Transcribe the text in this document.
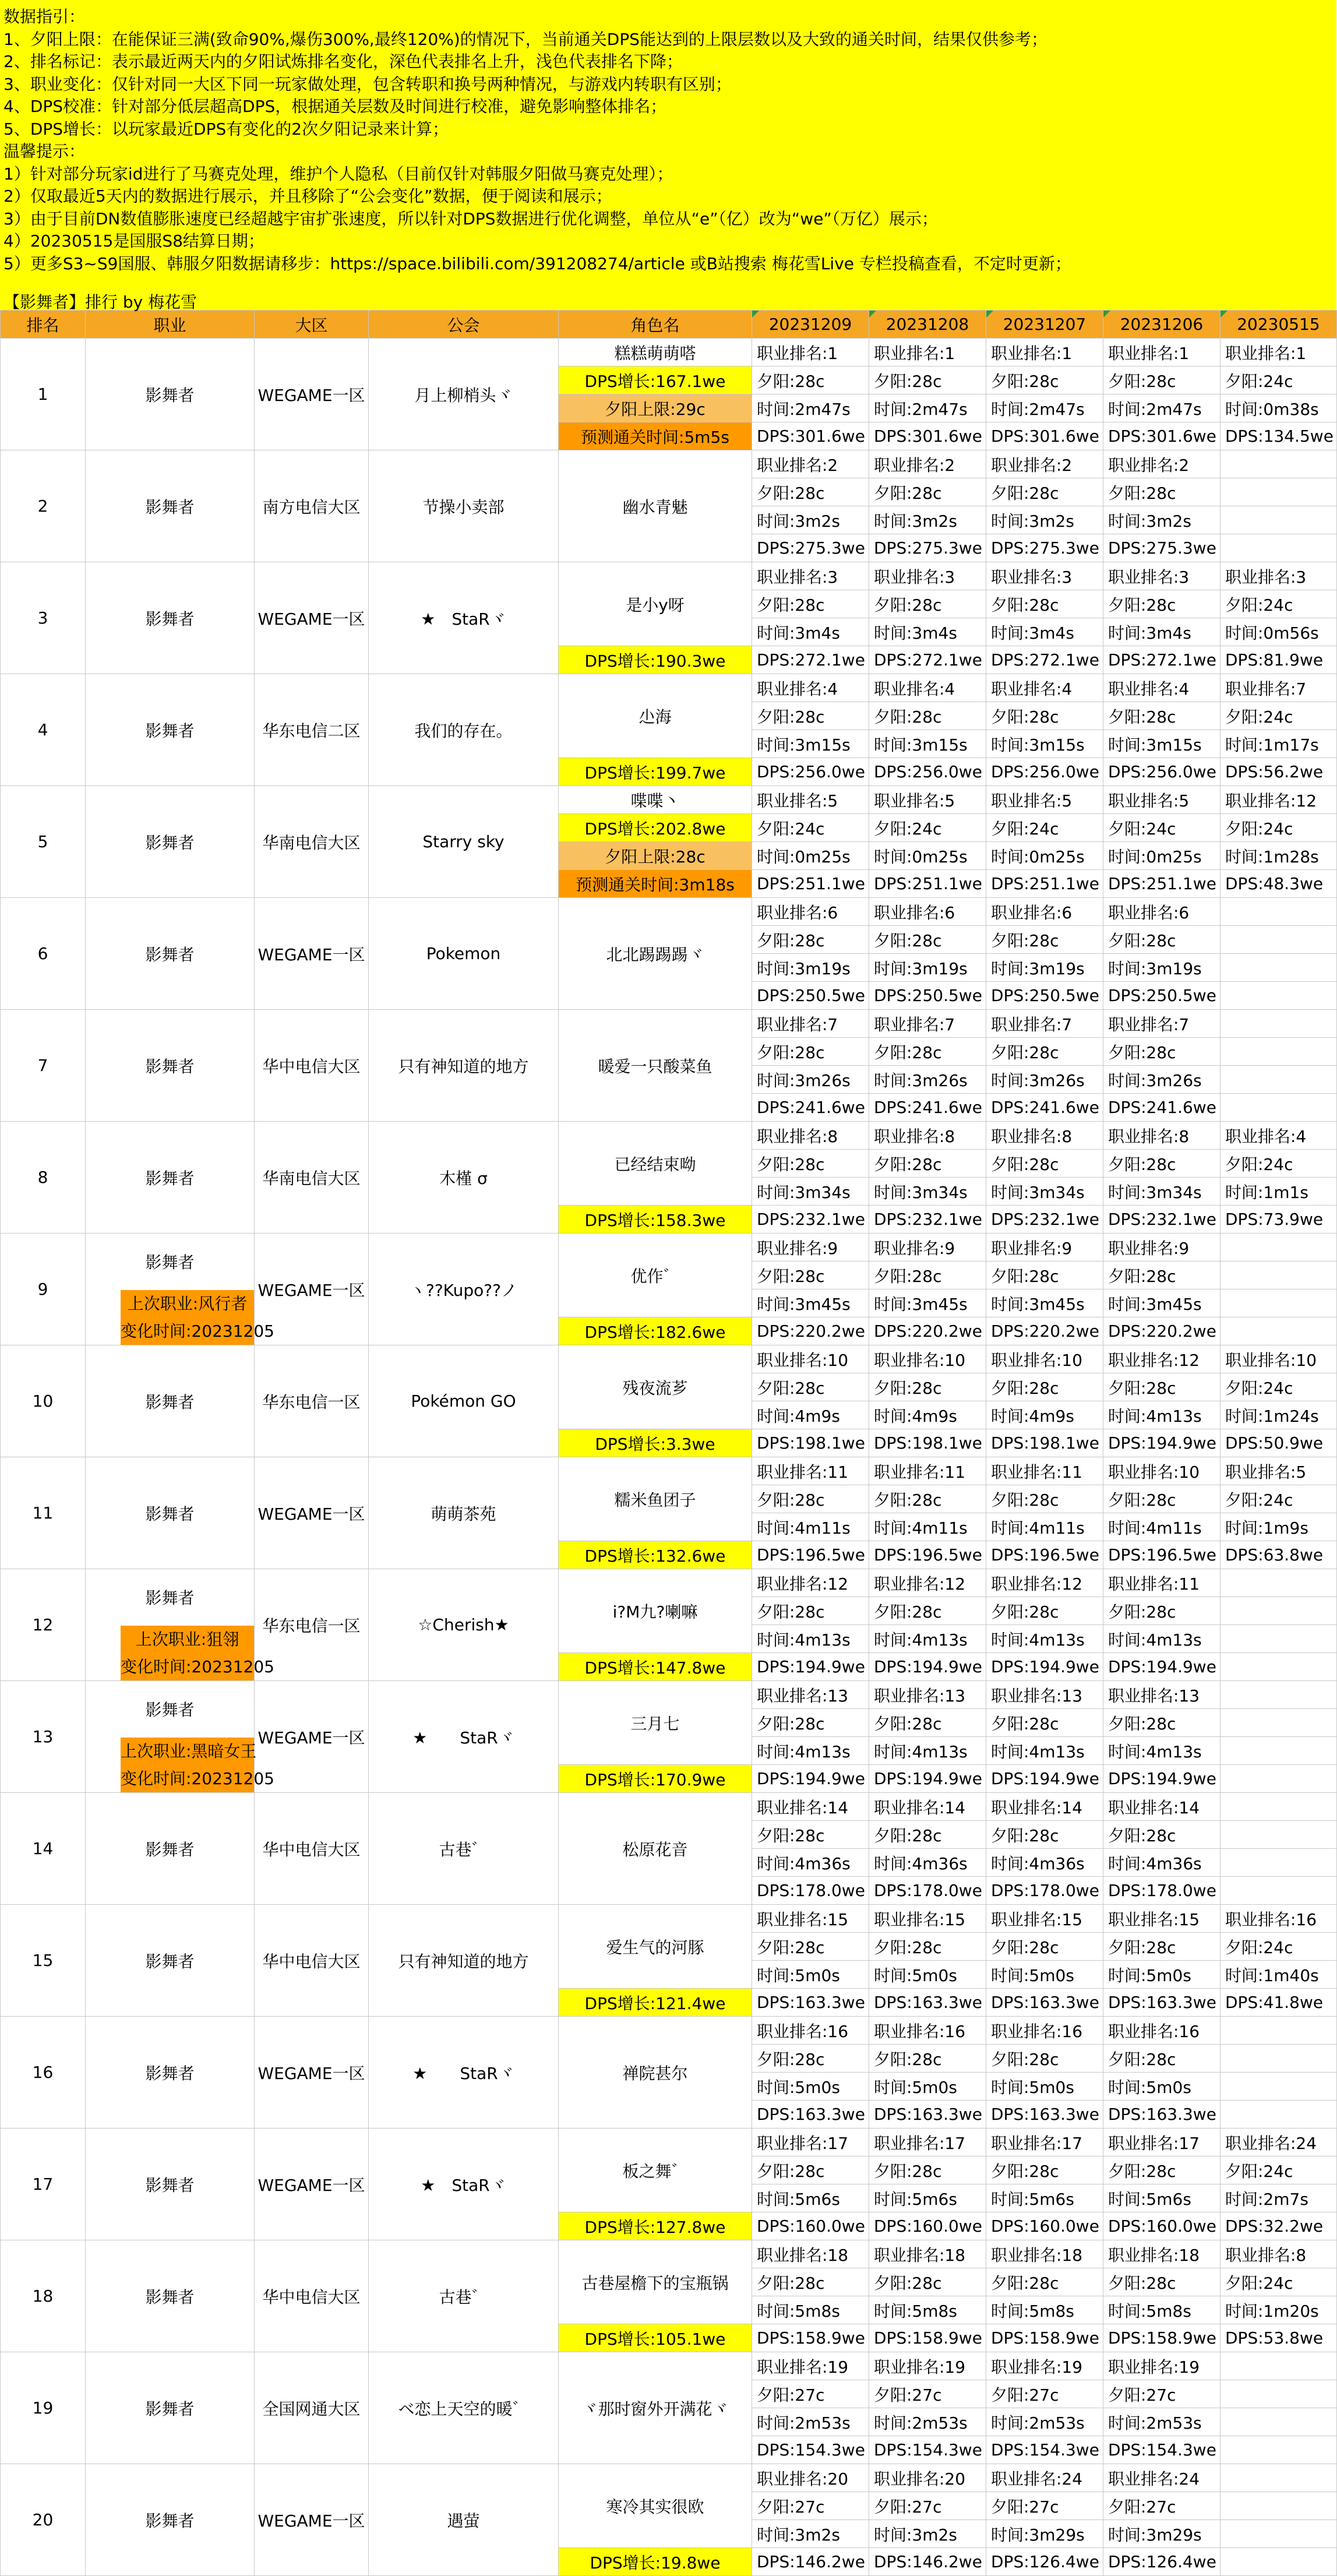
数据指引：
1、夕阳上限：在能保证三满(致命90%,爆伤300%,最终120%)的情况下，当前通关DPS能达到的上限层数以及大致的通关时间，结果仅供参考；
2、排名标记：表示最近两天内的夕阳试炼排名变化，深色代表排名上升，浅色代表排名下降；
3、职业变化：仅针对同一大区下同一玩家做处理，包含转职和换号两种情况，与游戏内转职有区别；
4、DPS校准：针对部分低层超高DPS，根据通关层数及时间进行校准，避免影响整体排名；
5、DPS增长：以玩家最近DPS有变化的2次夕阳记录来计算；
温馨提示：
1）针对部分玩家id进行了马赛克处理，维护个人隐私（目前仅针对韩服夕阳做马赛克处理）；
2）仅取最近5天内的数据进行展示，并且移除了“公会变化”数据，便于阅读和展示；
3）由于目前DN数值膨胀速度已经超越宇宙扩张速度，所以针对DPS数据进行优化调整，单位从“e”（亿）改为“we”（万亿）展示；
4）20230515是国服S8结算日期；
5）更多S3~S9国服、韩服夕阳数据请移步：https://space.bilibili.com/391208274/article 或B站搜索 梅花雪Live 专栏投稿查看，不定时更新；
排名	职业	大区	公会	角色名	20231209	20231208	20231207	20231206	20230515
1	影舞者	WEGAME一区	月上柳梢头ヾ	糕糕萌萌嗒	职业排名:1	职业排名:1	职业排名:1	职业排名:1	职业排名:1
				DPS增长:167.1we	夕阳:28c	夕阳:28c	夕阳:28c	夕阳:28c	夕阳:24c
				夕阳上限:29c	时间:2m47s	时间:2m47s	时间:2m47s	时间:2m47s	时间:0m38s
				预测通关时间:5m5s	DPS:301.6we	DPS:301.6we	DPS:301.6we	DPS:301.6we	DPS:134.5we
2	影舞者	南方电信大区	节操小卖部	幽水青魅	职业排名:2	职业排名:2	职业排名:2	职业排名:2	
					夕阳:28c	夕阳:28c	夕阳:28c	夕阳:28c	
					时间:3m2s	时间:3m2s	时间:3m2s	时间:3m2s	
					DPS:275.3we	DPS:275.3we	DPS:275.3we	DPS:275.3we	
3	影舞者	WEGAME一区	★　StaRヾ	是小y呀	职业排名:3	职业排名:3	职业排名:3	职业排名:3	职业排名:3
					夕阳:28c	夕阳:28c	夕阳:28c	夕阳:28c	夕阳:24c
					时间:3m4s	时间:3m4s	时间:3m4s	时间:3m4s	时间:0m56s
				DPS增长:190.3we	DPS:272.1we	DPS:272.1we	DPS:272.1we	DPS:272.1we	DPS:81.9we
4	影舞者	华东电信二区	我们的存在。	尐海	职业排名:4	职业排名:4	职业排名:4	职业排名:4	职业排名:7
					夕阳:28c	夕阳:28c	夕阳:28c	夕阳:28c	夕阳:24c
					时间:3m15s	时间:3m15s	时间:3m15s	时间:3m15s	时间:1m17s
				DPS增长:199.7we	DPS:256.0we	DPS:256.0we	DPS:256.0we	DPS:256.0we	DPS:56.2we
5	影舞者	华南电信大区	Starry sky	喋喋丶	职业排名:5	职业排名:5	职业排名:5	职业排名:5	职业排名:12
				DPS增长:202.8we	夕阳:24c	夕阳:24c	夕阳:24c	夕阳:24c	夕阳:24c
				夕阳上限:28c	时间:0m25s	时间:0m25s	时间:0m25s	时间:0m25s	时间:1m28s
				预测通关时间:3m18s	DPS:251.1we	DPS:251.1we	DPS:251.1we	DPS:251.1we	DPS:48.3we
6	影舞者	WEGAME一区	Pokemon	北北踢踢踢ヾ	职业排名:6	职业排名:6	职业排名:6	职业排名:6	
					夕阳:28c	夕阳:28c	夕阳:28c	夕阳:28c	
					时间:3m19s	时间:3m19s	时间:3m19s	时间:3m19s	
					DPS:250.5we	DPS:250.5we	DPS:250.5we	DPS:250.5we	
7	影舞者	华中电信大区	只有神知道的地方	暖爱一只酸菜鱼	职业排名:7	职业排名:7	职业排名:7	职业排名:7	
					夕阳:28c	夕阳:28c	夕阳:28c	夕阳:28c	
					时间:3m26s	时间:3m26s	时间:3m26s	时间:3m26s	
					DPS:241.6we	DPS:241.6we	DPS:241.6we	DPS:241.6we	
8	影舞者	华南电信大区	木槿 σ	已经结束呦	职业排名:8	职业排名:8	职业排名:8	职业排名:8	职业排名:4
					夕阳:28c	夕阳:28c	夕阳:28c	夕阳:28c	夕阳:24c
					时间:3m34s	时间:3m34s	时间:3m34s	时间:3m34s	时间:1m1s
				DPS增长:158.3we	DPS:232.1we	DPS:232.1we	DPS:232.1we	DPS:232.1we	DPS:73.9we
9	影舞者
上次职业:风行者
变化时间:20231205	WEGAME一区	ヽ??Kupo??ノ	优作゛	职业排名:9	职业排名:9	职业排名:9	职业排名:9	
					夕阳:28c	夕阳:28c	夕阳:28c	夕阳:28c	
					时间:3m45s	时间:3m45s	时间:3m45s	时间:3m45s	
				DPS增长:182.6we	DPS:220.2we	DPS:220.2we	DPS:220.2we	DPS:220.2we	
10	影舞者	华东电信一区	Pokémon GO	残夜流芗	职业排名:10	职业排名:10	职业排名:10	职业排名:12	职业排名:10
					夕阳:28c	夕阳:28c	夕阳:28c	夕阳:28c	夕阳:24c
					时间:4m9s	时间:4m9s	时间:4m9s	时间:4m13s	时间:1m24s
				DPS增长:3.3we	DPS:198.1we	DPS:198.1we	DPS:198.1we	DPS:194.9we	DPS:50.9we
11	影舞者	WEGAME一区	萌萌茶苑	糯米鱼团子	职业排名:11	职业排名:11	职业排名:11	职业排名:10	职业排名:5
					夕阳:28c	夕阳:28c	夕阳:28c	夕阳:28c	夕阳:24c
					时间:4m11s	时间:4m11s	时间:4m11s	时间:4m11s	时间:1m9s
				DPS增长:132.6we	DPS:196.5we	DPS:196.5we	DPS:196.5we	DPS:196.5we	DPS:63.8we
12	影舞者
上次职业:狙翎
变化时间:20231205	华东电信一区	☆Cherish★	i?M九?喇嘛	职业排名:12	职业排名:12	职业排名:12	职业排名:11	
					夕阳:28c	夕阳:28c	夕阳:28c	夕阳:28c	
					时间:4m13s	时间:4m13s	时间:4m13s	时间:4m13s	
				DPS增长:147.8we	DPS:194.9we	DPS:194.9we	DPS:194.9we	DPS:194.9we	
13	影舞者
上次职业:黑暗女王
变化时间:20231205	WEGAME一区	★　　StaRヾ	三月七	职业排名:13	职业排名:13	职业排名:13	职业排名:13	
					夕阳:28c	夕阳:28c	夕阳:28c	夕阳:28c	
					时间:4m13s	时间:4m13s	时间:4m13s	时间:4m13s	
				DPS增长:170.9we	DPS:194.9we	DPS:194.9we	DPS:194.9we	DPS:194.9we	
14	影舞者	华中电信大区	古巷゛	松原花音	职业排名:14	职业排名:14	职业排名:14	职业排名:14	
					夕阳:28c	夕阳:28c	夕阳:28c	夕阳:28c	
					时间:4m36s	时间:4m36s	时间:4m36s	时间:4m36s	
					DPS:178.0we	DPS:178.0we	DPS:178.0we	DPS:178.0we	
15	影舞者	华中电信大区	只有神知道的地方	爱生气的河豚	职业排名:15	职业排名:15	职业排名:15	职业排名:15	职业排名:16
					夕阳:28c	夕阳:28c	夕阳:28c	夕阳:28c	夕阳:24c
					时间:5m0s	时间:5m0s	时间:5m0s	时间:5m0s	时间:1m40s
				DPS增长:121.4we	DPS:163.3we	DPS:163.3we	DPS:163.3we	DPS:163.3we	DPS:41.8we
16	影舞者	WEGAME一区	★　　StaRヾ	禅院甚尔	职业排名:16	职业排名:16	职业排名:16	职业排名:16	
					夕阳:28c	夕阳:28c	夕阳:28c	夕阳:28c	
					时间:5m0s	时间:5m0s	时间:5m0s	时间:5m0s	
					DPS:163.3we	DPS:163.3we	DPS:163.3we	DPS:163.3we	
17	影舞者	WEGAME一区	★　StaRヾ	板之舞゛	职业排名:17	职业排名:17	职业排名:17	职业排名:17	职业排名:24
					夕阳:28c	夕阳:28c	夕阳:28c	夕阳:28c	夕阳:24c
					时间:5m6s	时间:5m6s	时间:5m6s	时间:5m6s	时间:2m7s
				DPS增长:127.8we	DPS:160.0we	DPS:160.0we	DPS:160.0we	DPS:160.0we	DPS:32.2we
18	影舞者	华中电信大区	古巷゛	古巷屋檐下的宝瓶锅	职业排名:18	职业排名:18	职业排名:18	职业排名:18	职业排名:8
					夕阳:28c	夕阳:28c	夕阳:28c	夕阳:28c	夕阳:24c
					时间:5m8s	时间:5m8s	时间:5m8s	时间:5m8s	时间:1m20s
				DPS增长:105.1we	DPS:158.9we	DPS:158.9we	DPS:158.9we	DPS:158.9we	DPS:53.8we
19	影舞者	全国网通大区	ベ恋上天空的暖゛	ヾ那时窗外开满花ヾ	职业排名:19	职业排名:19	职业排名:19	职业排名:19	
					夕阳:27c	夕阳:27c	夕阳:27c	夕阳:27c	
					时间:2m53s	时间:2m53s	时间:2m53s	时间:2m53s	
					DPS:154.3we	DPS:154.3we	DPS:154.3we	DPS:154.3we	
20	影舞者	WEGAME一区	遇萤	寒冷其实很欧	职业排名:20	职业排名:20	职业排名:24	职业排名:24	
					夕阳:27c	夕阳:27c	夕阳:27c	夕阳:27c	
					时间:3m2s	时间:3m2s	时间:3m29s	时间:3m29s	
				DPS增长:19.8we	DPS:146.2we	DPS:146.2we	DPS:126.4we	DPS:126.4we	
【影舞者】排行 by 梅花雪
